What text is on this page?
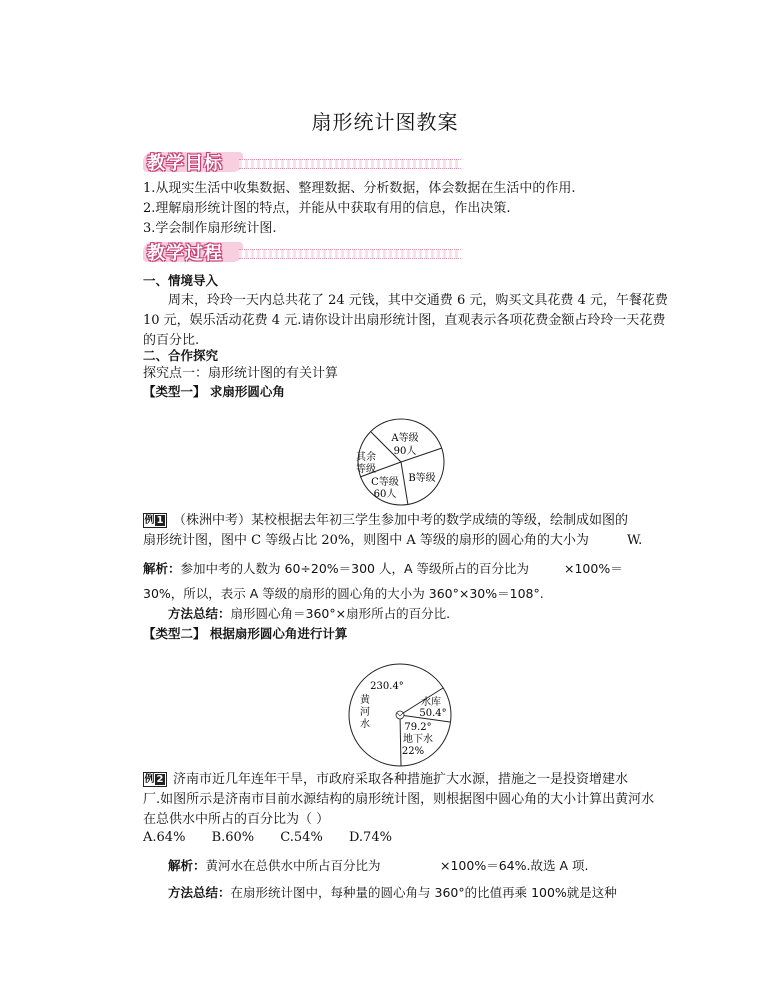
扇形统计图教案
教学目标
1.从现实生活中收集数据、整理数据、分析数据，体会数据在生活中的作用.
2.理解扇形统计图的特点，并能从中获取有用的信息，作出决策.
3.学会制作扇形统计图.
教学过程
一、情境导入
周末，玲玲一天内总共花了 24 元钱，其中交通费 6 元，购买文具花费 4 元，午餐花费
10 元，娱乐活动花费 4 元.请你设计出扇形统计图，直观表示各项花费金额占玲玲一天花费
的百分比.
二、合作探究
探究点一：扇形统计图的有关计算
【类型一】 求扇形圆心角
A等级
90人
其余
等级
B等级
C等级
60人
例 1 （株洲中考）某校根据去年初三学生参加中考的数学成绩的等级，绘制成如图的
扇形统计图，图中 C 等级占比 20%，则图中 A 等级的扇形的圆心角的大小为	W.
解析：参加中考的人数为 60÷20%＝300 人，A 等级所占的百分比为	×100%＝
30%，所以，表示 A 等级的扇形的圆心角的大小为 360°×30%＝108°.
方法总结：扇形圆心角＝360°×扇形所占的百分比.
【类型二】 根据扇形圆心角进行计算
230.4°
黄
河
水
水库
50.4°
79.2°
地下水
22%
例 2 济南市近几年连年干旱，市政府采取各种措施扩大水源，措施之一是投资增建水
厂.如图所示是济南市目前水源结构的扇形统计图，则根据图中圆心角的大小计算出黄河水
在总供水中所占的百分比为（ ）
A.64% B.60% C.54% D.74%
解析：黄河水在总供水中所占百分比为	×100%＝64%.故选 A 项.
方法总结：在扇形统计图中，每种量的圆心角与 360°的比值再乘 100%就是这种
